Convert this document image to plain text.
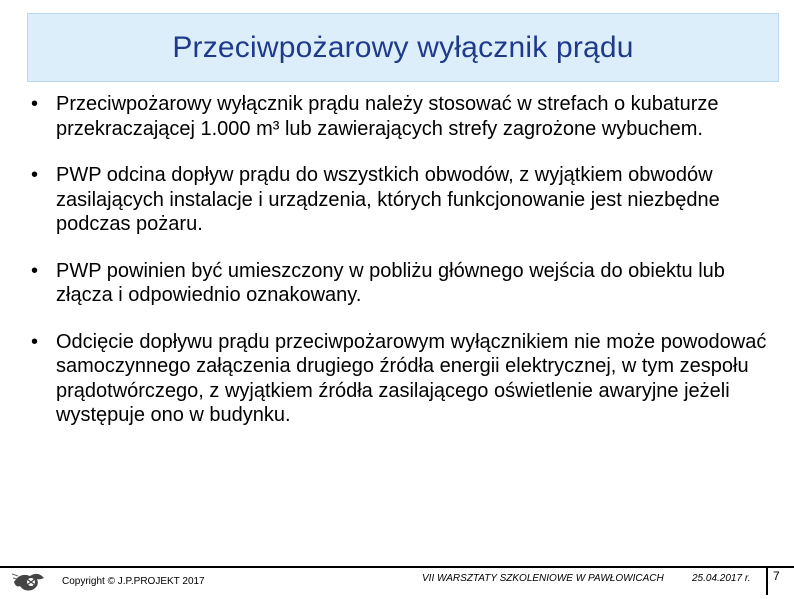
Przeciwpożarowy wyłącznik prądu
• Przeciwpożarowy wyłącznik prądu należy stosować w strefach o kubaturze przekraczającej 1.000 m³ lub zawierających strefy zagrożone wybuchem.
• PWP odcina dopływ prądu do wszystkich obwodów, z wyjątkiem obwodów zasilających instalacje i urządzenia, których funkcjonowanie jest niezbędne podczas pożaru.
• PWP powinien być umieszczony w pobliżu głównego wejścia do obiektu lub złącza i odpowiednio oznakowany.
• Odcięcie dopływu prądu przeciwpożarowym wyłącznikiem nie może powodować samoczynnego załączenia drugiego źródła energii elektrycznej, w tym zespołu prądotwórczego, z wyjątkiem źródła zasilającego oświetlenie awaryjne jeżeli występuje ono w budynku.
Copyright © J.P.PROJEKT 2017	VII WARSZTATY SZKOLENIOWE W PAWŁOWICACH	25.04.2017 r. 7
